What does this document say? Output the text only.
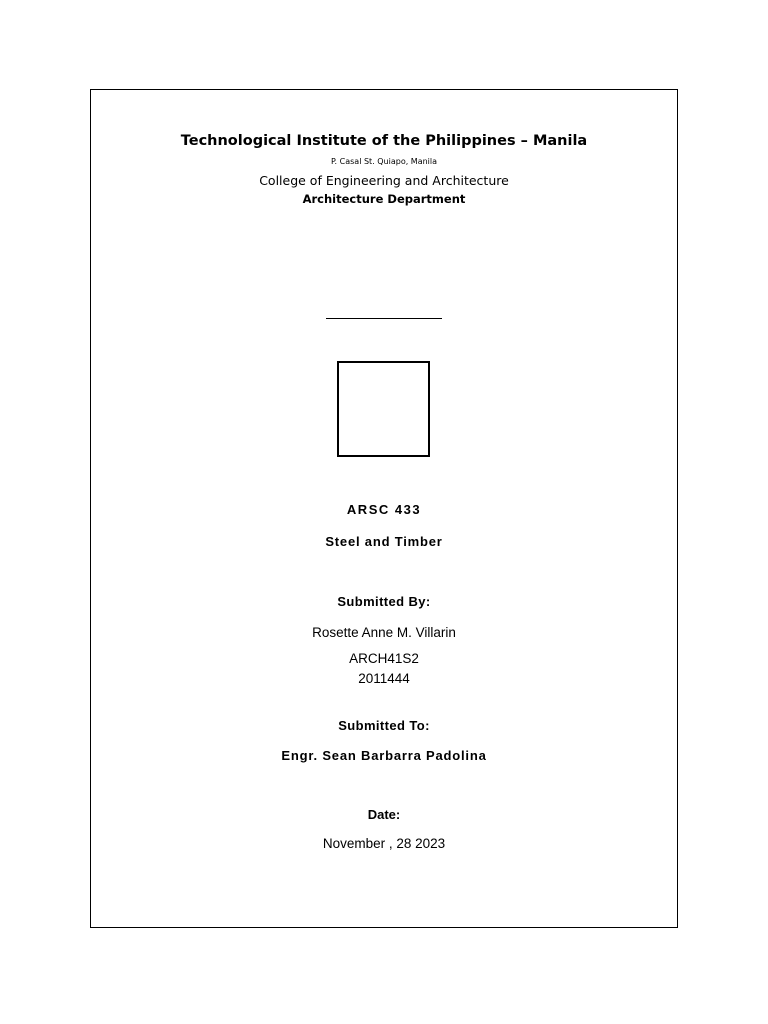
Technological Institute of the Philippines – Manila
P. Casal St. Quiapo, Manila
College of Engineering and Architecture
Architecture Department
ARSC 433
Steel and Timber
Submitted By:
Rosette Anne M. Villarin
ARCH41S2
2011444
Submitted To:
Engr. Sean Barbarra Padolina
Date:
November , 28 2023
